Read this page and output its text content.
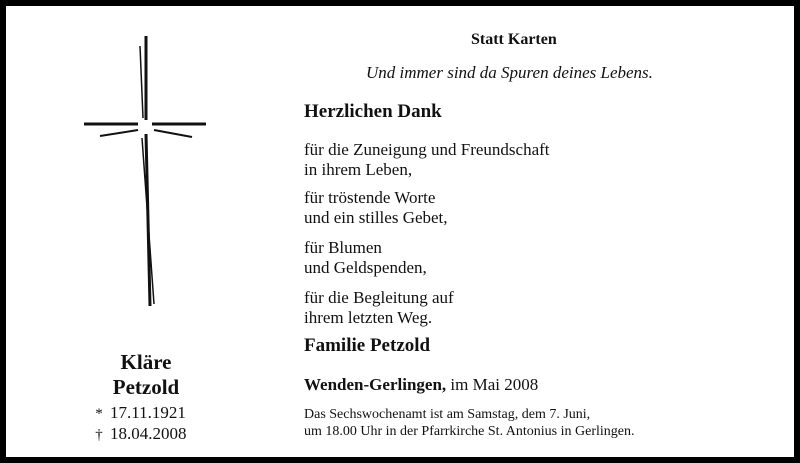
Kläre
Petzold
* 17.11.1921
† 18.04.2008
Statt Karten
Und immer sind da Spuren deines Lebens.
Herzlichen Dank
für die Zuneigung und Freundschaft
in ihrem Leben,
für tröstende Worte
und ein stilles Gebet,
für Blumen
und Geldspenden,
für die Begleitung auf
ihrem letzten Weg.
Familie Petzold
Wenden-Gerlingen, im Mai 2008
Das Sechswochenamt ist am Samstag, dem 7. Juni,
um 18.00 Uhr in der Pfarrkirche St. Antonius in Gerlingen.
